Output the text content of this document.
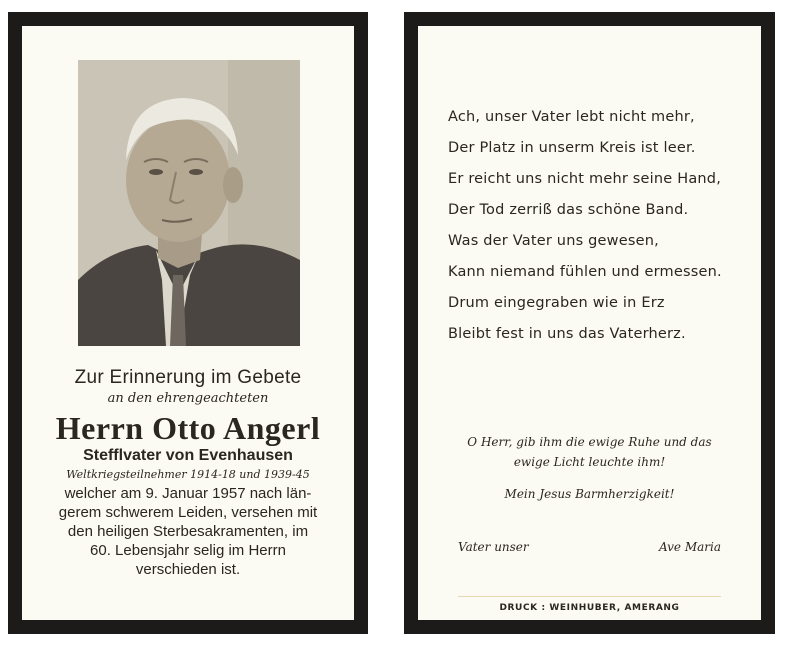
Zur Erinnerung im Gebete

an den ehrengeachteten

Herrn Otto Angerl

Stefflvater von Evenhausen

Weltkriegsteilnehmer 1914-18 und 1939-45

welcher am 9. Januar 1957 nach län-

gerem schwerem Leiden, versehen mit

den heiligen Sterbesakramenten, im

60. Lebensjahr selig im Herrn

verschieden ist.

Ach, unser Vater lebt nicht mehr,

Der Platz in unserm Kreis ist leer.

Er reicht uns nicht mehr seine Hand,

Der Tod zerriß das schöne Band.

Was der Vater uns gewesen,

Kann niemand fühlen und ermessen.

Drum eingegraben wie in Erz

Bleibt fest in uns das Vaterherz.

O Herr, gib ihm die ewige Ruhe und das

ewige Licht leuchte ihm!

Mein Jesus Barmherzigkeit!

Vater unser	Ave Maria
DRUCK : WEINHUBER, AMERANG
